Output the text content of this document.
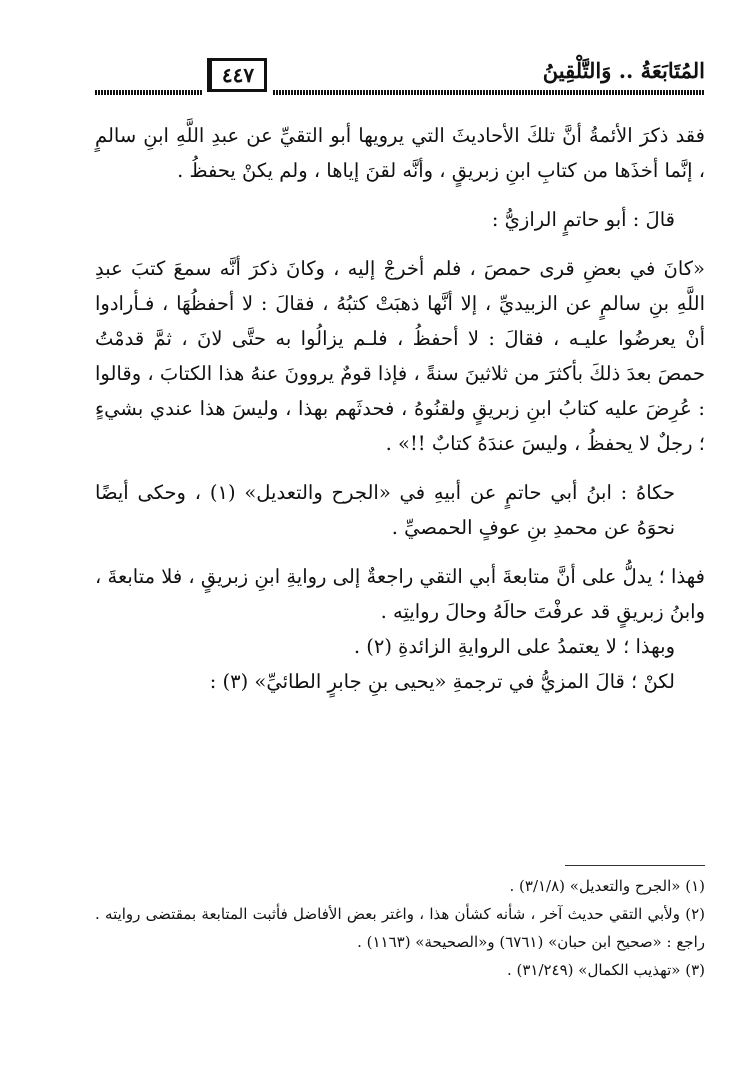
المُتَابَعَةُ .. وَالتَّلْقِينُ
٤٤٧

فقد ذكرَ الأئمةُ أنَّ تلكَ الأحاديثَ التي يرويها أبو التقيِّ عن عبدِ اللَّهِ ابنِ سالمٍ ، إنَّما أخذَها من كتابِ ابنِ زبريقٍ ، وأنَّه لقنَ إياها ، ولم يكنْ يحفظُ .

قالَ : أبو حاتمٍ الرازيُّ :

«كانَ في بعضِ قرى حمصَ ، فلم أخرجْ إليه ، وكانَ ذكرَ أنَّه سمعَ كتبَ عبدِ اللَّهِ بنِ سالمٍ عن الزبيديِّ ، إلا أنَّها ذهبَتْ كتبُهُ ، فقالَ : لا أحفظُهَا ، فـأرادوا أنْ يعرضُوا عليـه ، فقالَ : لا أحفظُ ، فلـم يزالُوا به حتَّى لانَ ، ثمَّ قدمْتُ حمصَ بعدَ ذلكَ بأكثرَ من ثلاثينَ سنةً ، فإذا قومٌ يروونَ عنهُ هذا الكتابَ ، وقالوا : عُرِضَ عليه كتابُ ابنِ زبريقٍ ولقنُوهُ ، فحدثَهم بهذا ، وليسَ هذا عندي بشيءٍ ؛ رجلٌ لا يحفظُ ، وليسَ عندَهُ كتابٌ !!» .

حكاهُ : ابنُ أبي حاتمٍ عن أبيهِ في «الجرح والتعديل» (١) ، وحكى أيضًا نحوَهُ عن محمدِ بنِ عوفٍ الحمصيِّ .

فهذا ؛ يدلُّ على أنَّ متابعةَ أبي التقي راجعةٌ إلى روايةِ ابنِ زبريقٍ ، فلا متابعةَ ، وابنُ زبريقٍ قد عرفْتَ حالَهُ وحالَ روايتِه .

وبهذا ؛ لا يعتمدُ على الروايةِ الزائدةِ (٢) .

لكنْ ؛ قالَ المزيُّ في ترجمةِ «يحيى بنِ جابرٍ الطائيِّ» (٣) :

(١) «الجرح والتعديل» (٣/١/٨) .

(٢) ولأبي التقي حديث آخر ، شأنه كشأن هذا ، واغتر بعض الأفاضل فأثبت المتابعة بمقتضى روايته . راجع : «صحيح ابن حبان» (٦٧٦١) و«الصحيحة» (١١٦٣) .

(٣) «تهذيب الكمال» (٣١/٢٤٩) .
